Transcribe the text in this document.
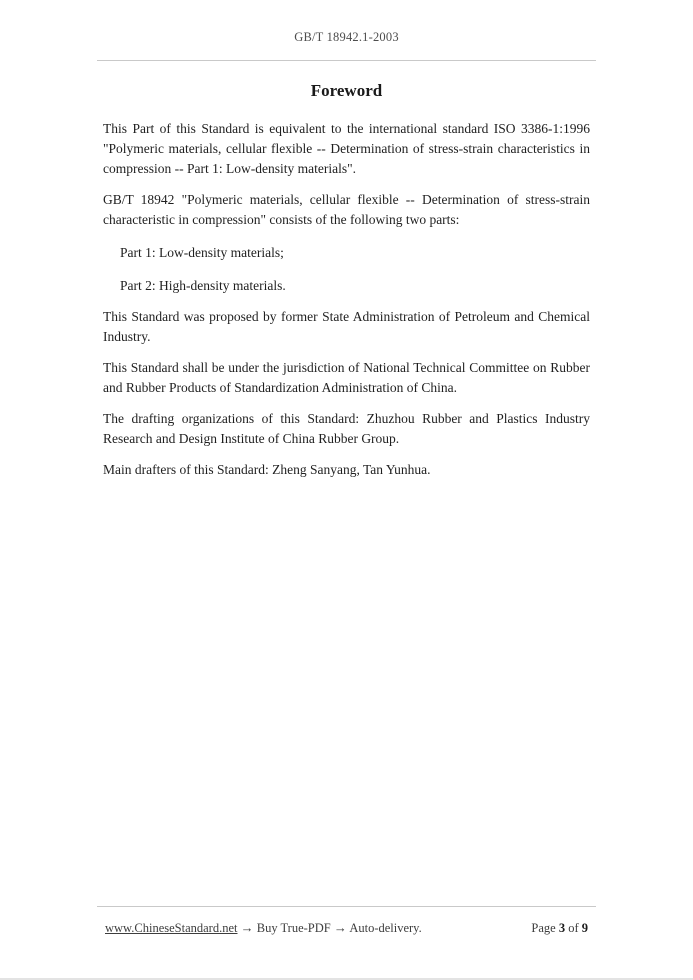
GB/T 18942.1-2003
Foreword

This Part of this Standard is equivalent to the international standard ISO 3386-1:1996 "Polymeric materials, cellular flexible -- Determination of stress-strain characteristics in compression -- Part 1: Low-density materials".

GB/T 18942 "Polymeric materials, cellular flexible -- Determination of stress-strain characteristic in compression" consists of the following two parts:

Part 1: Low-density materials;

Part 2: High-density materials.

This Standard was proposed by former State Administration of Petroleum and Chemical Industry.

This Standard shall be under the jurisdiction of National Technical Committee on Rubber and Rubber Products of Standardization Administration of China.

The drafting organizations of this Standard: Zhuzhou Rubber and Plastics Industry Research and Design Institute of China Rubber Group.

Main drafters of this Standard: Zheng Sanyang, Tan Yunhua.

www.ChineseStandard.net → Buy True-PDF → Auto-delivery.	Page 3 of 9
